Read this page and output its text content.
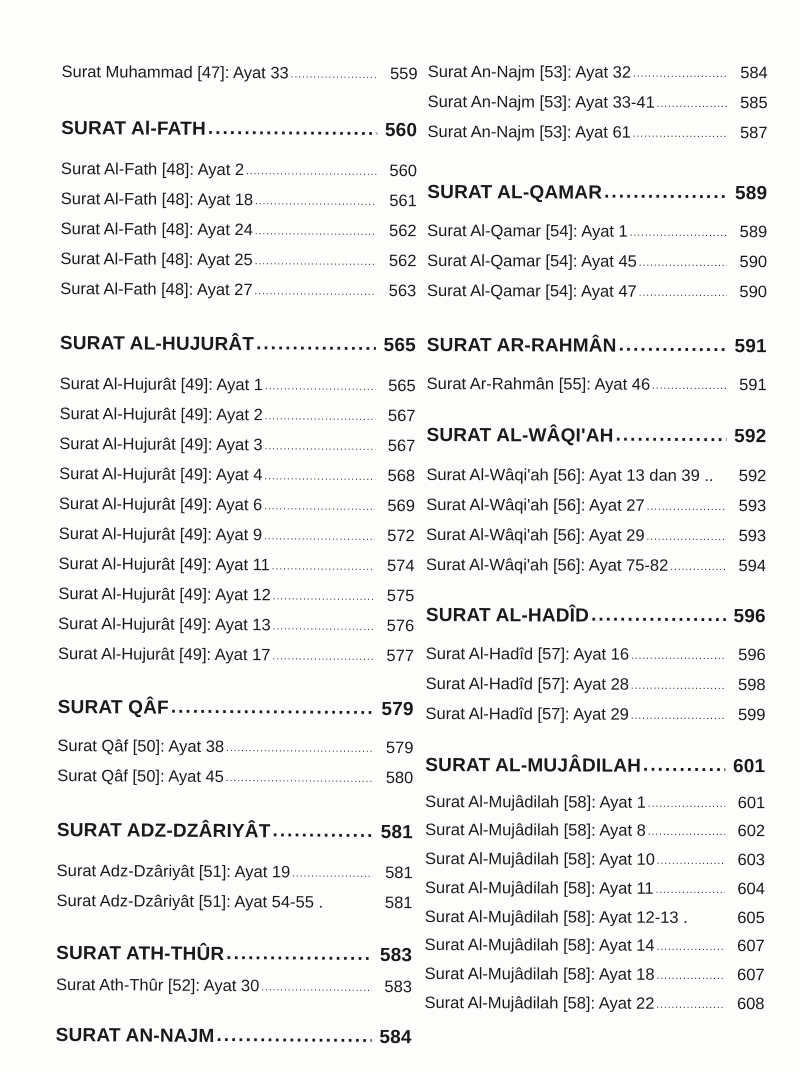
Surat Muhammad [47]: Ayat 33 .....	559
SURAT Al-FATH .....	560
Surat Al-Fath [48]: Ayat 2 .....	560
Surat Al-Fath [48]: Ayat 18 .....	561
Surat Al-Fath [48]: Ayat 24 .....	562
Surat Al-Fath [48]: Ayat 25 .....	562
Surat Al-Fath [48]: Ayat 27 .....	563
SURAT AL-HUJURÂT .....	565
Surat Al-Hujurât [49]: Ayat 1 .....	565
Surat Al-Hujurât [49]: Ayat 2 .....	567
Surat Al-Hujurât [49]: Ayat 3 .....	567
Surat Al-Hujurât [49]: Ayat 4 .....	568
Surat Al-Hujurât [49]: Ayat 6 .....	569
Surat Al-Hujurât [49]: Ayat 9 .....	572
Surat Al-Hujurât [49]: Ayat 11 .....	574
Surat Al-Hujurât [49]: Ayat 12 .....	575
Surat Al-Hujurât [49]: Ayat 13 .....	576
Surat Al-Hujurât [49]: Ayat 17 .....	577
SURAT QÂF .....	579
Surat Qâf [50]: Ayat 38 .....	579
Surat Qâf [50]: Ayat 45 .....	580
SURAT ADZ-DZÂRIYÂT .....	581
Surat Adz-Dzâriyât [51]: Ayat 19 .....	581
Surat Adz-Dzâriyât [51]: Ayat 54-55 .	581
SURAT ATH-THÛR .....	583
Surat Ath-Thûr [52]: Ayat 30 .....	583
SURAT AN-NAJM .....	584
Surat An-Najm [53]: Ayat 32 .....	584
Surat An-Najm [53]: Ayat 33-41 .....	585
Surat An-Najm [53]: Ayat 61 .....	587
SURAT AL-QAMAR .....	589
Surat Al-Qamar [54]: Ayat 1 .....	589
Surat Al-Qamar [54]: Ayat 45 .....	590
Surat Al-Qamar [54]: Ayat 47 .....	590
SURAT AR-RAHMÂN .....	591
Surat Ar-Rahmân [55]: Ayat 46 .....	591
SURAT AL-WÂQI'AH .....	592
Surat Al-Wâqi'ah [56]: Ayat 13 dan 39 ..	592
Surat Al-Wâqi'ah [56]: Ayat 27 .....	593
Surat Al-Wâqi'ah [56]: Ayat 29 .....	593
Surat Al-Wâqi'ah [56]: Ayat 75-82 .....	594
SURAT AL-HADÎD .....	596
Surat Al-Hadîd [57]: Ayat 16 .....	596
Surat Al-Hadîd [57]: Ayat 28 .....	598
Surat Al-Hadîd [57]: Ayat 29 .....	599
SURAT AL-MUJÂDILAH .....	601
Surat Al-Mujâdilah [58]: Ayat 1 .....	601
Surat Al-Mujâdilah [58]: Ayat 8 .....	602
Surat Al-Mujâdilah [58]: Ayat 10 .....	603
Surat Al-Mujâdilah [58]: Ayat 11 .....	604
Surat Al-Mujâdilah [58]: Ayat 12-13 .	605
Surat Al-Mujâdilah [58]: Ayat 14 .....	607
Surat Al-Mujâdilah [58]: Ayat 18 .....	607
Surat Al-Mujâdilah [58]: Ayat 22 .....	608
